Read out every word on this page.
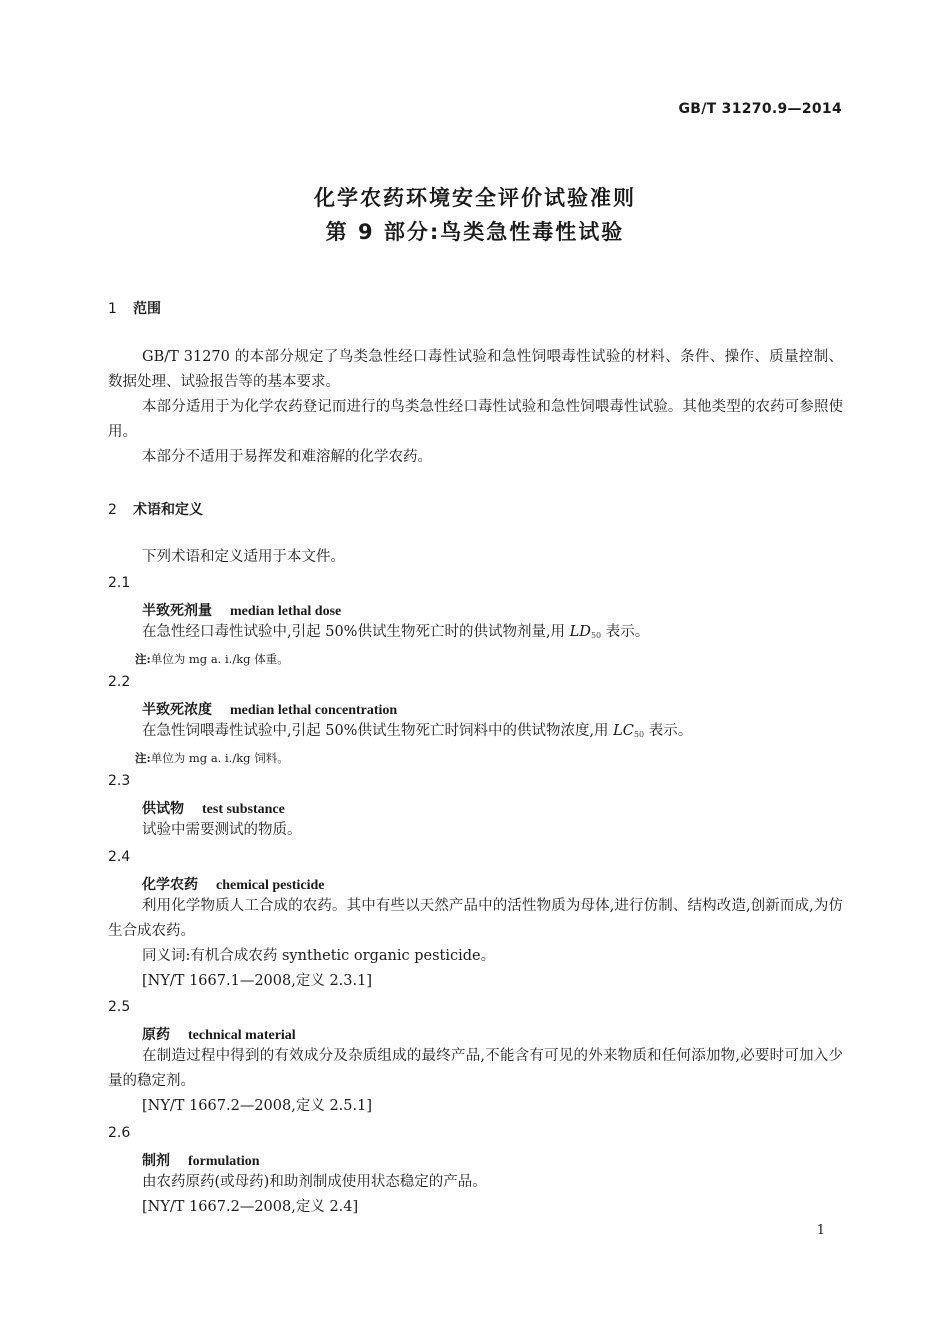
GB/T 31270.9—2014
化学农药环境安全评价试验准则
第 9 部分:鸟类急性毒性试验
1 范围
GB/T 31270 的本部分规定了鸟类急性经口毒性试验和急性饲喂毒性试验的材料、条件、操作、质量控制、数据处理、试验报告等的基本要求。
本部分适用于为化学农药登记而进行的鸟类急性经口毒性试验和急性饲喂毒性试验。其他类型的农药可参照使用。
本部分不适用于易挥发和难溶解的化学农药。
2 术语和定义
下列术语和定义适用于本文件。
2.1
半致死剂量 median lethal dose
在急性经口毒性试验中,引起 50%供试生物死亡时的供试物剂量,用 $LD_{50}$ 表示。
注:单位为 mg a. i./kg 体重。
2.2
半致死浓度 median lethal concentration
在急性饲喂毒性试验中,引起 50%供试生物死亡时饲料中的供试物浓度,用 $LC_{50}$ 表示。
注:单位为 mg a. i./kg 饲料。
2.3
供试物 test substance
试验中需要测试的物质。
2.4
化学农药 chemical pesticide
利用化学物质人工合成的农药。其中有些以天然产品中的活性物质为母体,进行仿制、结构改造,创新而成,为仿生合成农药。
同义词:有机合成农药 synthetic organic pesticide。
[NY/T 1667.1—2008,定义 2.3.1]
2.5
原药 technical material
在制造过程中得到的有效成分及杂质组成的最终产品,不能含有可见的外来物质和任何添加物,必要时可加入少量的稳定剂。
[NY/T 1667.2—2008,定义 2.5.1]
2.6
制剂 formulation
由农药原药(或母药)和助剂制成使用状态稳定的产品。
[NY/T 1667.2—2008,定义 2.4]
1
